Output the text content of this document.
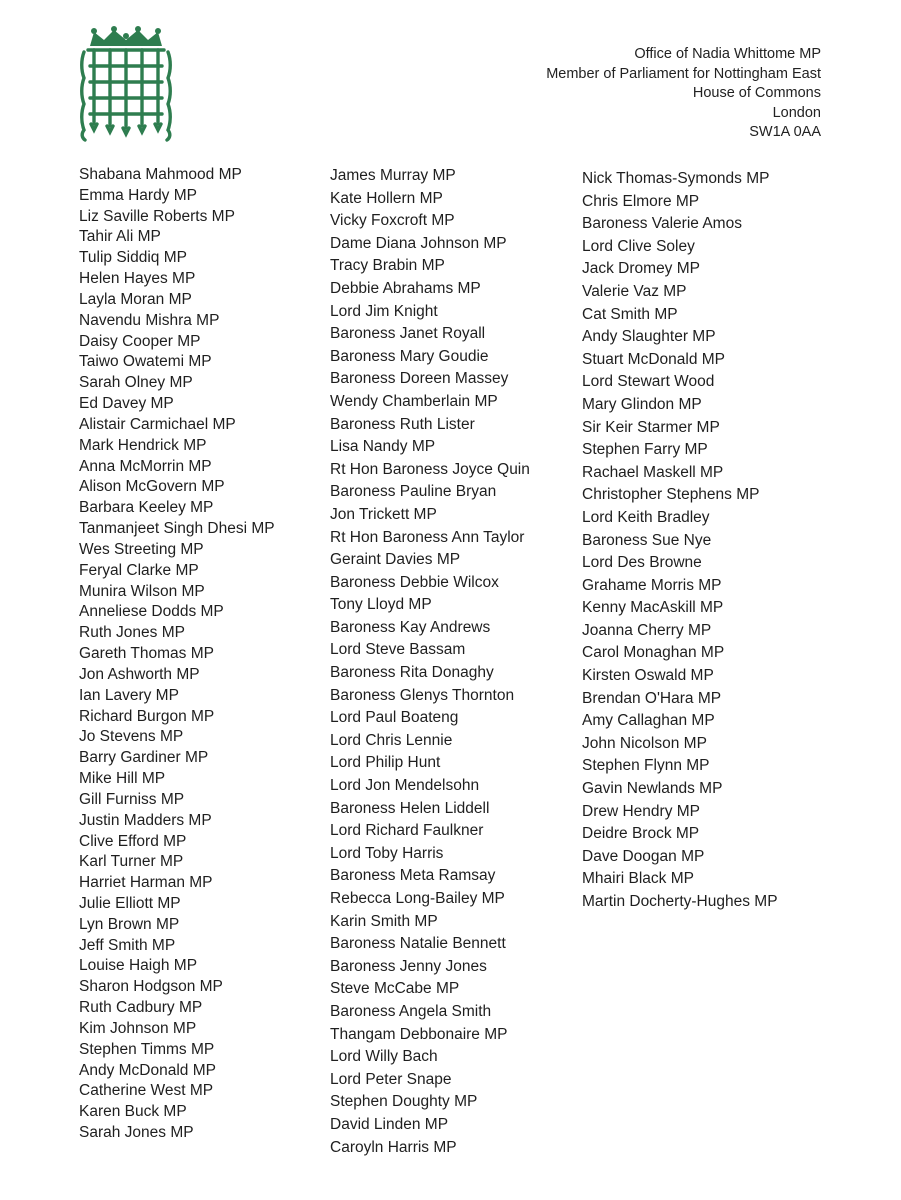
Office of Nadia Whittome MP
Member of Parliament for Nottingham East
House of Commons
London
SW1A 0AA
Shabana Mahmood MP
Emma Hardy MP
Liz Saville Roberts MP
Tahir Ali MP
Tulip Siddiq MP
Helen Hayes MP
Layla Moran MP
Navendu Mishra MP
Daisy Cooper MP
Taiwo Owatemi MP
Sarah Olney MP
Ed Davey MP
Alistair Carmichael MP
Mark Hendrick MP
Anna McMorrin MP
Alison McGovern MP
Barbara Keeley MP
Tanmanjeet Singh Dhesi MP
Wes Streeting MP
Feryal Clarke MP
Munira Wilson MP
Anneliese Dodds MP
Ruth Jones MP
Gareth Thomas MP
Jon Ashworth MP
Ian Lavery MP
Richard Burgon MP
Jo Stevens MP
Barry Gardiner MP
Mike Hill MP
Gill Furniss MP
Justin Madders MP
Clive Efford MP
Karl Turner MP
Harriet Harman MP
Julie Elliott MP
Lyn Brown MP
Jeff Smith MP
Louise Haigh MP
Sharon Hodgson MP
Ruth Cadbury MP
Kim Johnson MP
Stephen Timms MP
Andy McDonald MP
Catherine West MP
Karen Buck MP
Sarah Jones MP
James Murray MP
Kate Hollern MP
Vicky Foxcroft MP
Dame Diana Johnson MP
Tracy Brabin MP
Debbie Abrahams MP
Lord Jim Knight
Baroness Janet Royall
Baroness Mary Goudie
Baroness Doreen Massey
Wendy Chamberlain MP
Baroness Ruth Lister
Lisa Nandy MP
Rt Hon Baroness Joyce Quin
Baroness Pauline Bryan
Jon Trickett MP
Rt Hon Baroness Ann Taylor
Geraint Davies MP
Baroness Debbie Wilcox
Tony Lloyd MP
Baroness Kay Andrews
Lord Steve Bassam
Baroness Rita Donaghy
Baroness Glenys Thornton
Lord Paul Boateng
Lord Chris Lennie
Lord Philip Hunt
Lord Jon Mendelsohn
Baroness Helen Liddell
Lord Richard Faulkner
Lord Toby Harris
Baroness Meta Ramsay
Rebecca Long-Bailey MP
Karin Smith MP
Baroness Natalie Bennett
Baroness Jenny Jones
Steve McCabe MP
Baroness Angela Smith
Thangam Debbonaire MP
Lord Willy Bach
Lord Peter Snape
Stephen Doughty MP
David Linden MP
Caroyln Harris MP
Nick Thomas-Symonds MP
Chris Elmore MP
Baroness Valerie Amos
Lord Clive Soley
Jack Dromey MP
Valerie Vaz MP
Cat Smith MP
Andy Slaughter MP
Stuart McDonald MP
Lord Stewart Wood
Mary Glindon MP
Sir Keir Starmer MP
Stephen Farry MP
Rachael Maskell MP
Christopher Stephens MP
Lord Keith Bradley
Baroness Sue Nye
Lord Des Browne
Grahame Morris MP
Kenny MacAskill MP
Joanna Cherry MP
Carol Monaghan MP
Kirsten Oswald MP
Brendan O'Hara MP
Amy Callaghan MP
John Nicolson MP
Stephen Flynn MP
Gavin Newlands MP
Drew Hendry MP
Deidre Brock MP
Dave Doogan MP
Mhairi Black MP
Martin Docherty-Hughes MP
